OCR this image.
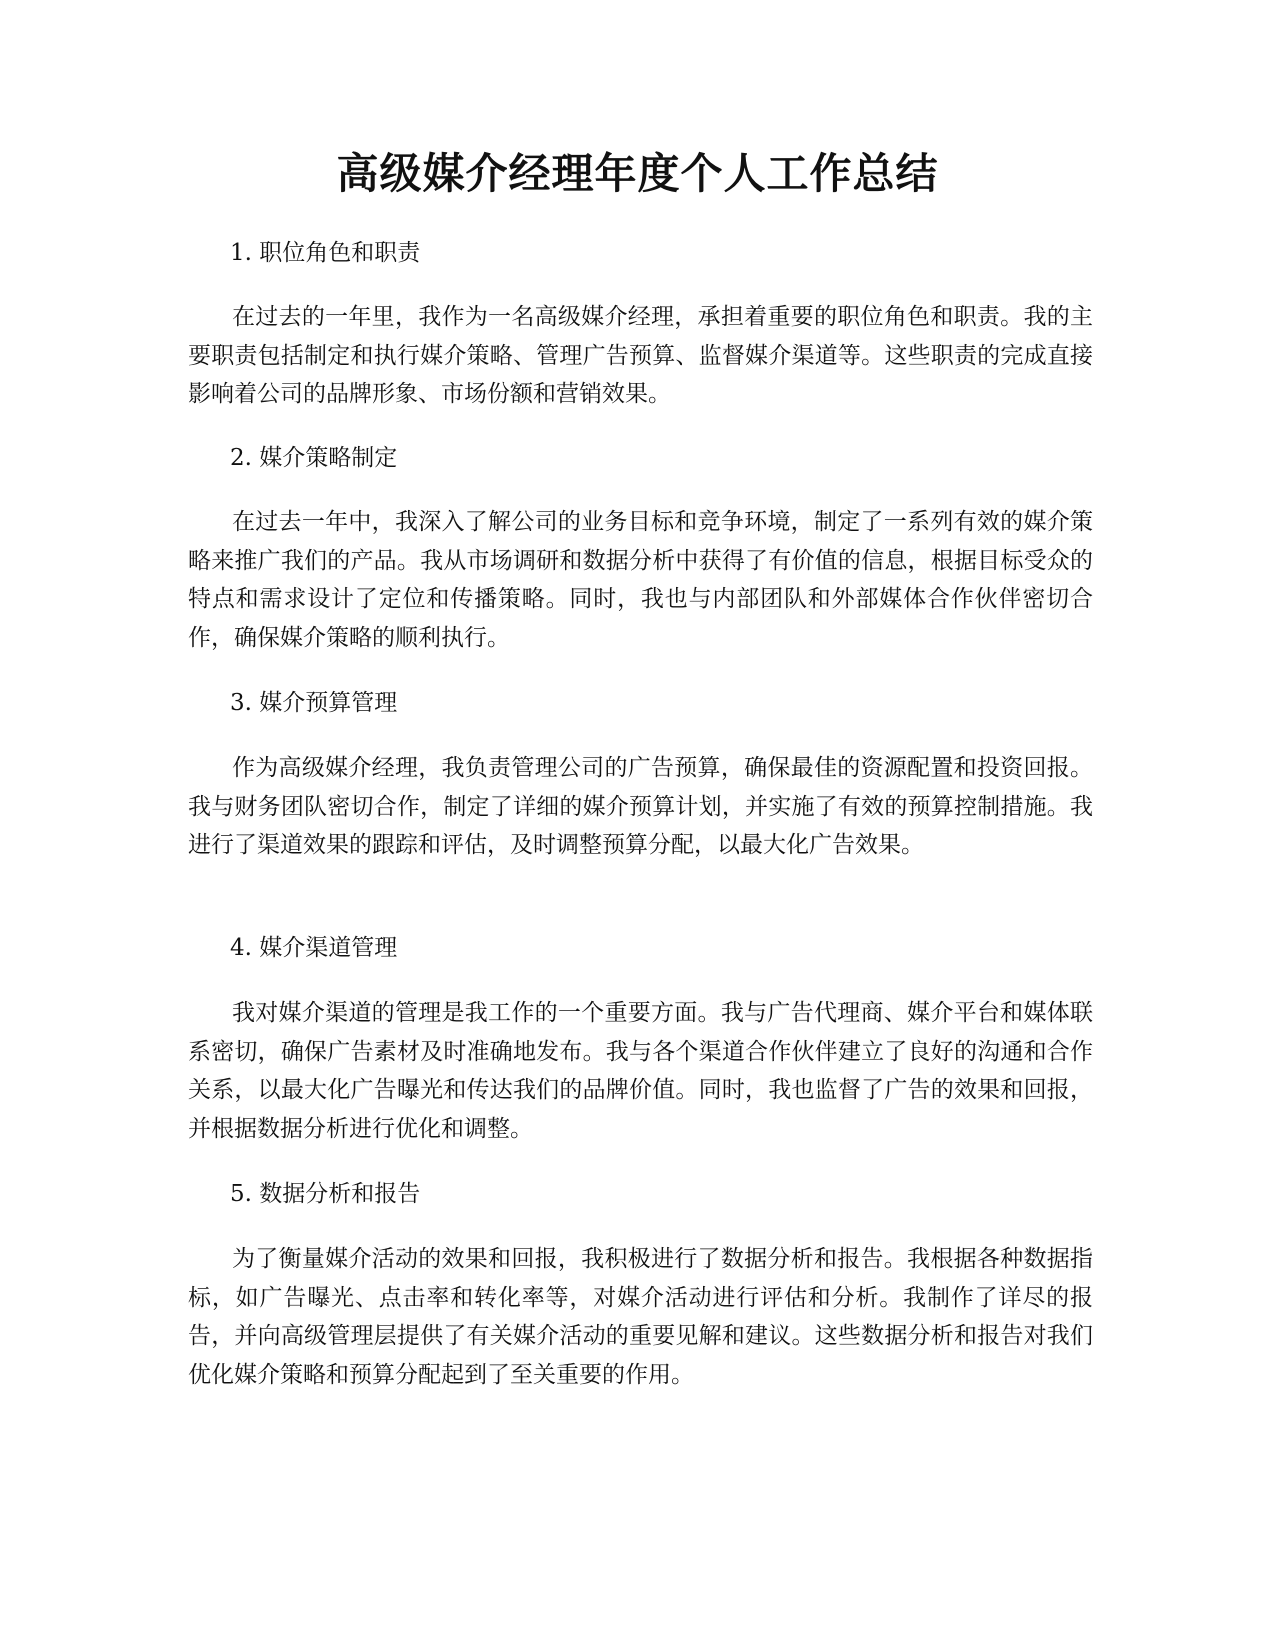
高级媒介经理年度个人工作总结

1. 职位角色和职责

在过去的一年里，我作为一名高级媒介经理，承担着重要的职位角色和职责。我的主要职责包括制定和执行媒介策略、管理广告预算、监督媒介渠道等。这些职责的完成直接影响着公司的品牌形象、市场份额和营销效果。

2. 媒介策略制定

在过去一年中，我深入了解公司的业务目标和竞争环境，制定了一系列有效的媒介策略来推广我们的产品。我从市场调研和数据分析中获得了有价值的信息，根据目标受众的特点和需求设计了定位和传播策略。同时，我也与内部团队和外部媒体合作伙伴密切合作，确保媒介策略的顺利执行。

3. 媒介预算管理

作为高级媒介经理，我负责管理公司的广告预算，确保最佳的资源配置和投资回报。我与财务团队密切合作，制定了详细的媒介预算计划，并实施了有效的预算控制措施。我进行了渠道效果的跟踪和评估，及时调整预算分配，以最大化广告效果。

4. 媒介渠道管理

我对媒介渠道的管理是我工作的一个重要方面。我与广告代理商、媒介平台和媒体联系密切，确保广告素材及时准确地发布。我与各个渠道合作伙伴建立了良好的沟通和合作关系，以最大化广告曝光和传达我们的品牌价值。同时，我也监督了广告的效果和回报，并根据数据分析进行优化和调整。

5. 数据分析和报告

为了衡量媒介活动的效果和回报，我积极进行了数据分析和报告。我根据各种数据指标，如广告曝光、点击率和转化率等，对媒介活动进行评估和分析。我制作了详尽的报告，并向高级管理层提供了有关媒介活动的重要见解和建议。这些数据分析和报告对我们优化媒介策略和预算分配起到了至关重要的作用。
